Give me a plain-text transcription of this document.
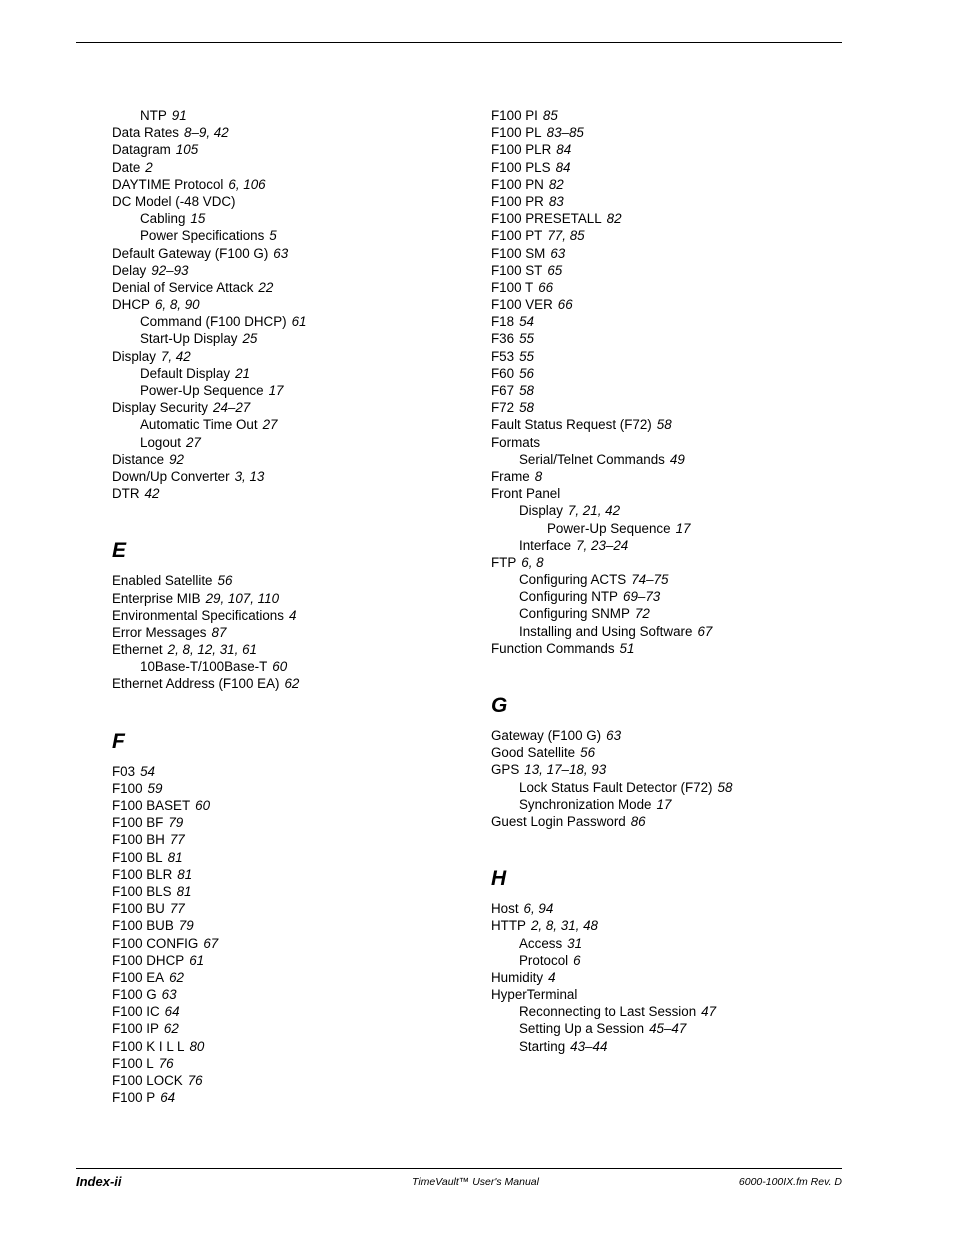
NTP 91
Data Rates 8–9, 42
Datagram 105
Date 2
DAYTIME Protocol 6, 106
DC Model (-48 VDC)
Cabling 15
Power Specifications 5
Default Gateway (F100 G) 63
Delay 92–93
Denial of Service Attack 22
DHCP 6, 8, 90
Command (F100 DHCP) 61
Start-Up Display 25
Display 7, 42
Default Display 21
Power-Up Sequence 17
Display Security 24–27
Automatic Time Out 27
Logout 27
Distance 92
Down/Up Converter 3, 13
DTR 42
E
Enabled Satellite 56
Enterprise MIB 29, 107, 110
Environmental Specifications 4
Error Messages 87
Ethernet 2, 8, 12, 31, 61
10Base-T/100Base-T 60
Ethernet Address (F100 EA) 62
F
F03 54
F100 59
F100 BASET 60
F100 BF 79
F100 BH 77
F100 BL 81
F100 BLR 81
F100 BLS 81
F100 BU 77
F100 BUB 79
F100 CONFIG 67
F100 DHCP 61
F100 EA 62
F100 G 63
F100 IC 64
F100 IP 62
F100 K I L L 80
F100 L 76
F100 LOCK 76
F100 P 64
F100 PI 85
F100 PL 83–85
F100 PLR 84
F100 PLS 84
F100 PN 82
F100 PR 83
F100 PRESETALL 82
F100 PT 77, 85
F100 SM 63
F100 ST 65
F100 T 66
F100 VER 66
F18 54
F36 55
F53 55
F60 56
F67 58
F72 58
Fault Status Request (F72) 58
Formats
Serial/Telnet Commands 49
Frame 8
Front Panel
Display 7, 21, 42
Power-Up Sequence 17
Interface 7, 23–24
FTP 6, 8
Configuring ACTS 74–75
Configuring NTP 69–73
Configuring SNMP 72
Installing and Using Software 67
Function Commands 51
G
Gateway (F100 G) 63
Good Satellite 56
GPS 13, 17–18, 93
Lock Status Fault Detector (F72) 58
Synchronization Mode 17
Guest Login Password 86
H
Host 6, 94
HTTP 2, 8, 31, 48
Access 31
Protocol 6
Humidity 4
HyperTerminal
Reconnecting to Last Session 47
Setting Up a Session 45–47
Starting 43–44
Index-ii	TimeVault™ User's Manual	6000-100IX.fm Rev. D
